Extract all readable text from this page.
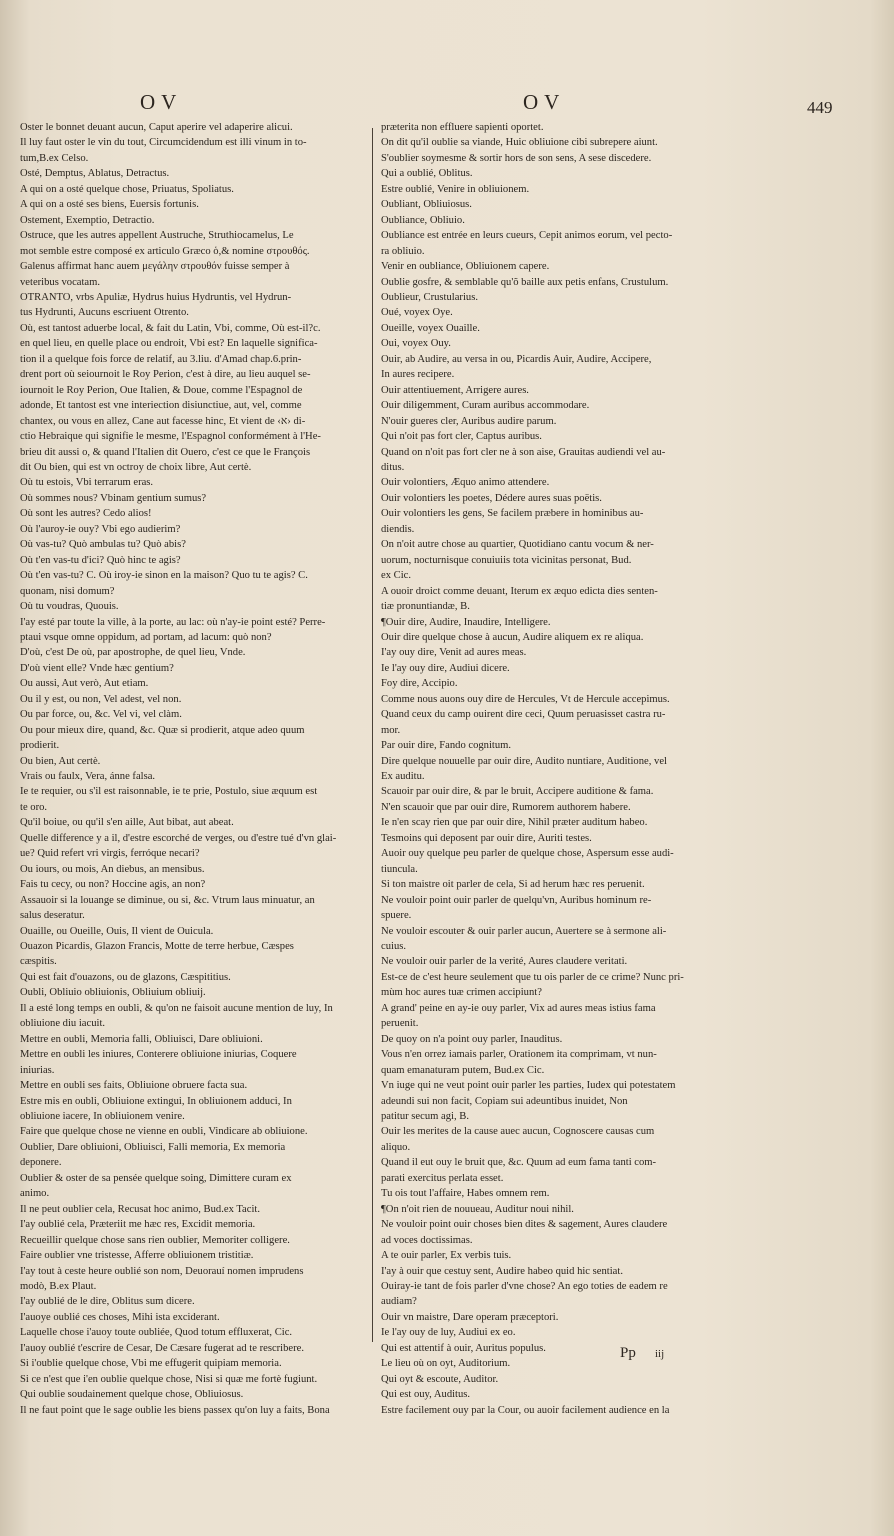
OV	OV	449
Oster le bonnet deuant aucun, Caput aperire vel adaperire alicui.
Il luy faut oster le vin du tout, Circumcidendum est illi vinum in to-
tum,B.ex Celso.
Osté, Demptus, Ablatus, Detractus.
A qui on a osté quelque chose, Priuatus, Spoliatus.
A qui on a osté ses biens, Euersis fortunis.
Ostement, Exemptio, Detractio.
Ostruce, que les autres appellent Austruche, Struthiocamelus, Le
mot semble estre composé ex articulo Græco ὁ,& nomine στρουθός.
Galenus affirmat hanc auem μεγάλην στρουθόν fuisse semper à
veteribus vocatam.
OTRANTO, vrbs Apuliæ, Hydrus huius Hydruntis, vel Hydrun-
tus Hydrunti, Aucuns escriuent Otrento.
Où, est tantost aduerbe local, & fait du Latin, Vbi, comme, Où est-il?c.
en quel lieu, en quelle place ou endroit, Vbi est? En laquelle significa-
tion il a quelque fois force de relatif, au 3.liu. d'Amad chap.6.prin-
drent port où seiournoit le Roy Perion, c'est à dire, au lieu auquel se-
iournoit le Roy Perion, Oue Italien, & Doue, comme l'Espagnol de
adonde, Et tantost est vne interiection disiunctiue, aut, vel, comme
chantex, ou vous en allez, Cane aut facesse hinc, Et vient de ‹א› di-
ctio Hebraique qui signifie le mesme, l'Espagnol conformément à l'He-
brieu dit aussi o, & quand l'Italien dit Ouero, c'est ce que le François
dit Ou bien, qui est vn octroy de choix libre, Aut certè.
Où tu estois, Vbi terrarum eras.
Où sommes nous? Vbinam gentium sumus?
Où sont les autres? Cedo alios!
Où l'auroy-ie ouy? Vbi ego audierim?
Où vas-tu? Quò ambulas tu? Quò abis?
Où t'en vas-tu d'ici? Quò hinc te agis?
Où t'en vas-tu? C. Où iroy-ie sinon en la maison? Quo tu te agis? C.
quonam, nisi domum?
Où tu voudras, Quouis.
I'ay esté par toute la ville, à la porte, au lac: où n'ay-ie point esté? Perre-
ptaui vsque omne oppidum, ad portam, ad lacum: quò non?
D'où, c'est De où, par apostrophe, de quel lieu, Vnde.
D'où vient elle? Vnde hæc gentium?
Ou aussi, Aut verò, Aut etiam.
Ou il y est, ou non, Vel adest, vel non.
Ou par force, ou, &c. Vel vi, vel clàm.
Ou pour mieux dire, quand, &c. Quæ si prodierit, atque adeo quum
prodierit.
Ou bien, Aut certè.
Vrais ou faulx, Vera, ánne falsa.
Ie te requier, ou s'il est raisonnable, ie te prie, Postulo, siue æquum est
te oro.
Qu'il boiue, ou qu'il s'en aille, Aut bibat, aut abeat.
Quelle difference y a il, d'estre escorché de verges, ou d'estre tué d'vn glai-
ue? Quid refert vri virgis, ferróque necari?
Ou iours, ou mois, An diebus, an mensibus.
Fais tu cecy, ou non? Hoccine agis, an non?
Assauoir si la louange se diminue, ou si, &c. Vtrum laus minuatur, an
salus deseratur.
Ouaille, ou Oueille, Ouis, Il vient de Ouicula.
Ouazon Picardis, Glazon Francis, Motte de terre herbue, Cæspes
cæspitis.
Qui est fait d'ouazons, ou de glazons, Cæspititius.
Oubli, Obliuio obliuionis, Obliuium obliuij.
Il a esté long temps en oubli, & qu'on ne faisoit aucune mention de luy, In
obliuione diu iacuit.
Mettre en oubli, Memoria falli, Obliuisci, Dare obliuioni.
Mettre en oubli les iniures, Conterere obliuione iniurias, Coquere
iniurias.
Mettre en oubli ses faits, Obliuione obruere facta sua.
Estre mis en oubli, Obliuione extingui, In obliuionem adduci, In
obliuione iacere, In obliuionem venire.
Faire que quelque chose ne vienne en oubli, Vindicare ab obliuione.
Oublier, Dare obliuioni, Obliuisci, Falli memoria, Ex memoria
deponere.
Oublier & oster de sa pensée quelque soing, Dimittere curam ex
animo.
Il ne peut oublier cela, Recusat hoc animo, Bud.ex Tacit.
I'ay oublié cela, Præteriit me hæc res, Excidit memoria.
Recueillir quelque chose sans rien oublier, Memoriter colligere.
Faire oublier vne tristesse, Afferre obliuionem tristitiæ.
I'ay tout à ceste heure oublié son nom, Deuorauí nomen imprudens
modò, B.ex Plaut.
I'ay oublié de le dire, Oblitus sum dicere.
I'auoye oublié ces choses, Mihi ista exciderant.
Laquelle chose i'auoy toute oubliée, Quod totum effluxerat, Cic.
I'auoy oublié t'escrire de Cesar, De Cæsare fugerat ad te rescribere.
Si i'oublie quelque chose, Vbi me effugerit quipiam memoria.
Si ce n'est que i'en oublie quelque chose, Nisi si quæ me fortè fugiunt.
Qui oublie soudainement quelque chose, Obliuiosus.
Il ne faut point que le sage oublie les biens passex qu'on luy a faits, Bona
præterita non effluere sapienti oportet.
On dit qu'il oublie sa viande, Huic obliuione cibi subrepere aiunt.
S'oublier soymesme & sortir hors de son sens, A sese discedere.
Qui a oublié, Oblitus.
Estre oublié, Venire in obliuionem.
Oubliant, Obliuiosus.
Oubliance, Obliuio.
Oubliance est entrée en leurs cueurs, Cepit animos eorum, vel pecto-
ra obliuio.
Venir en oubliance, Obliuionem capere.
Oublie gosfre, & semblable qu'õ baille aux petis enfans, Crustulum.
Oublieur, Crustularius.
Oué, voyex Oye.
Oueille, voyex Ouaille.
Oui, voyex Ouy.
Ouir, ab Audire, au versa in ou, Picardis Auir, Audire, Accipere,
In aures recipere.
Ouir attentiuement, Arrigere aures.
Ouir diligemment, Curam auribus accommodare.
N'ouir gueres cler, Auribus audire parum.
Qui n'oit pas fort cler, Captus auribus.
Quand on n'oit pas fort cler ne à son aise, Grauitas audiendi vel au-
ditus.
Ouir volontiers, Æquo animo attendere.
Ouir volontiers les poetes, Dédere aures suas poëtis.
Ouir volontiers les gens, Se facilem præbere in hominibus au-
diendis.
On n'oit autre chose au quartier, Quotidiano cantu vocum & ner-
uorum, nocturnisque conuiuiis tota vicinitas personat, Bud.
ex Cic.
A ouoir droict comme deuant, Iterum ex æquo edicta dies senten-
tiæ pronuntiandæ, B.
¶Ouir dire, Audire, Inaudire, Intelligere.
Ouir dire quelque chose à aucun, Audire aliquem ex re aliqua.
I'ay ouy dire, Venit ad aures meas.
Ie l'ay ouy dire, Audiui dicere.
Foy dire, Accipio.
Comme nous auons ouy dire de Hercules, Vt de Hercule accepimus.
Quand ceux du camp ouirent dire ceci, Quum peruasisset castra ru-
mor.
Par ouir dire, Fando cognitum.
Dire quelque nouuelle par ouir dire, Audito nuntiare, Auditione, vel
Ex auditu.
Scauoir par ouir dire, & par le bruit, Accipere auditione & fama.
N'en scauoir que par ouir dire, Rumorem authorem habere.
Ie n'en scay rien que par ouir dire, Nihil præter auditum habeo.
Tesmoins qui deposent par ouir dire, Auriti testes.
Auoir ouy quelque peu parler de quelque chose, Aspersum esse audi-
tiuncula.
Si ton maistre oit parler de cela, Si ad herum hæc res peruenit.
Ne vouloir point ouir parler de quelqu'vn, Auribus hominum re-
spuere.
Ne vouloir escouter & ouir parler aucun, Auertere se à sermone ali-
cuius.
Ne vouloir ouir parler de la verité, Aures claudere veritati.
Est-ce de c'est heure seulement que tu ois parler de ce crime? Nunc pri-
mùm hoc aures tuæ crimen accipiunt?
A grand' peine en ay-ie ouy parler, Vix ad aures meas istius fama
peruenit.
De quoy on n'a point ouy parler, Inauditus.
Vous n'en orrez iamais parler, Orationem ita comprimam, vt nun-
quam emanaturam putem, Bud.ex Cic.
Vn iuge qui ne veut point ouir parler les parties, Iudex qui potestatem
adeundi sui non facit, Copiam sui adeuntibus inuidet, Non
patitur secum agi, B.
Ouir les merites de la cause auec aucun, Cognoscere causas cum
aliquo.
Quand il eut ouy le bruit que, &c. Quum ad eum fama tanti com-
parati exercitus perlata esset.
Tu ois tout l'affaire, Habes omnem rem.
¶On n'oit rien de nouueau, Auditur noui nihil.
Ne vouloir point ouir choses bien dites & sagement, Aures claudere
ad voces doctissimas.
A te ouir parler, Ex verbis tuis.
I'ay à ouir que cestuy sent, Audire habeo quid hic sentiat.
Ouiray-ie tant de fois parler d'vne chose? An ego toties de eadem re
audiam?
Ouir vn maistre, Dare operam præceptori.
Ie l'ay ouy de luy, Audiui ex eo.
Qui est attentif à ouir, Auritus populus.
Le lieu où on oyt, Auditorium.
Qui oyt & escoute, Auditor.
Qui est ouy, Auditus.
Estre facilement ouy par la Cour, ou auoir facilement audience en la
Pp iij
